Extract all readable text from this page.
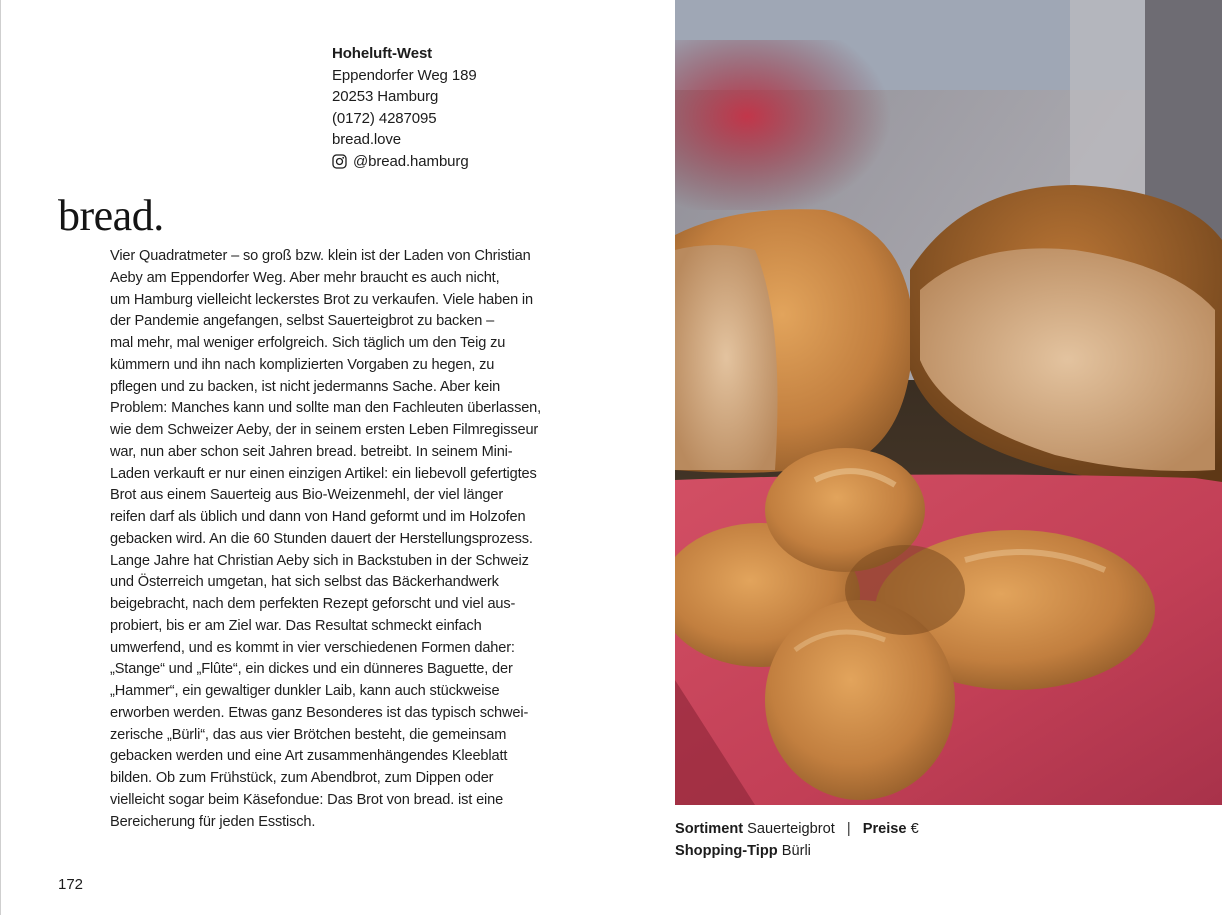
Hoheluft-West
Eppendorfer Weg 189
20253 Hamburg
(0172) 4287095
bread.love
@bread.hamburg
bread.
Vier Quadratmeter – so groß bzw. klein ist der Laden von Christian
Aeby am Eppendorfer Weg. Aber mehr braucht es auch nicht,
um Hamburg vielleicht leckerstes Brot zu verkaufen. Viele haben in
der Pandemie angefangen, selbst Sauerteigbrot zu backen –
mal mehr, mal weniger erfolgreich. Sich täglich um den Teig zu
kümmern und ihn nach komplizierten Vorgaben zu hegen, zu
pflegen und zu backen, ist nicht jedermanns Sache. Aber kein
Problem: Manches kann und sollte man den Fachleuten überlassen,
wie dem Schweizer Aeby, der in seinem ersten Leben Filmregisseur
war, nun aber schon seit Jahren bread. betreibt. In seinem Mini-
Laden verkauft er nur einen einzigen Artikel: ein liebevoll gefertigtes
Brot aus einem Sauerteig aus Bio-Weizenmehl, der viel länger
reifen darf als üblich und dann von Hand geformt und im Holzofen
gebacken wird. An die 60 Stunden dauert der Herstellungsprozess.
Lange Jahre hat Christian Aeby sich in Backstuben in der Schweiz
und Österreich umgetan, hat sich selbst das Bäckerhandwerk
beigebracht, nach dem perfekten Rezept geforscht und viel aus-
probiert, bis er am Ziel war. Das Resultat schmeckt einfach
umwerfend, und es kommt in vier verschiedenen Formen daher:
„Stange“ und „Flûte“, ein dickes und ein dünneres Baguette, der
„Hammer“, ein gewaltiger dunkler Laib, kann auch stückweise
erworben werden. Etwas ganz Besonderes ist das typisch schwei-
zerische „Bürli“, das aus vier Brötchen besteht, die gemeinsam
gebacken werden und eine Art zusammenhängendes Kleeblatt
bilden. Ob zum Frühstück, zum Abendbrot, zum Dippen oder
vielleicht sogar beim Käsefondue: Das Brot von bread. ist eine
Bereicherung für jeden Esstisch.
172
Sortiment Sauerteigbrot | Preise €
Shopping-Tipp Bürli
